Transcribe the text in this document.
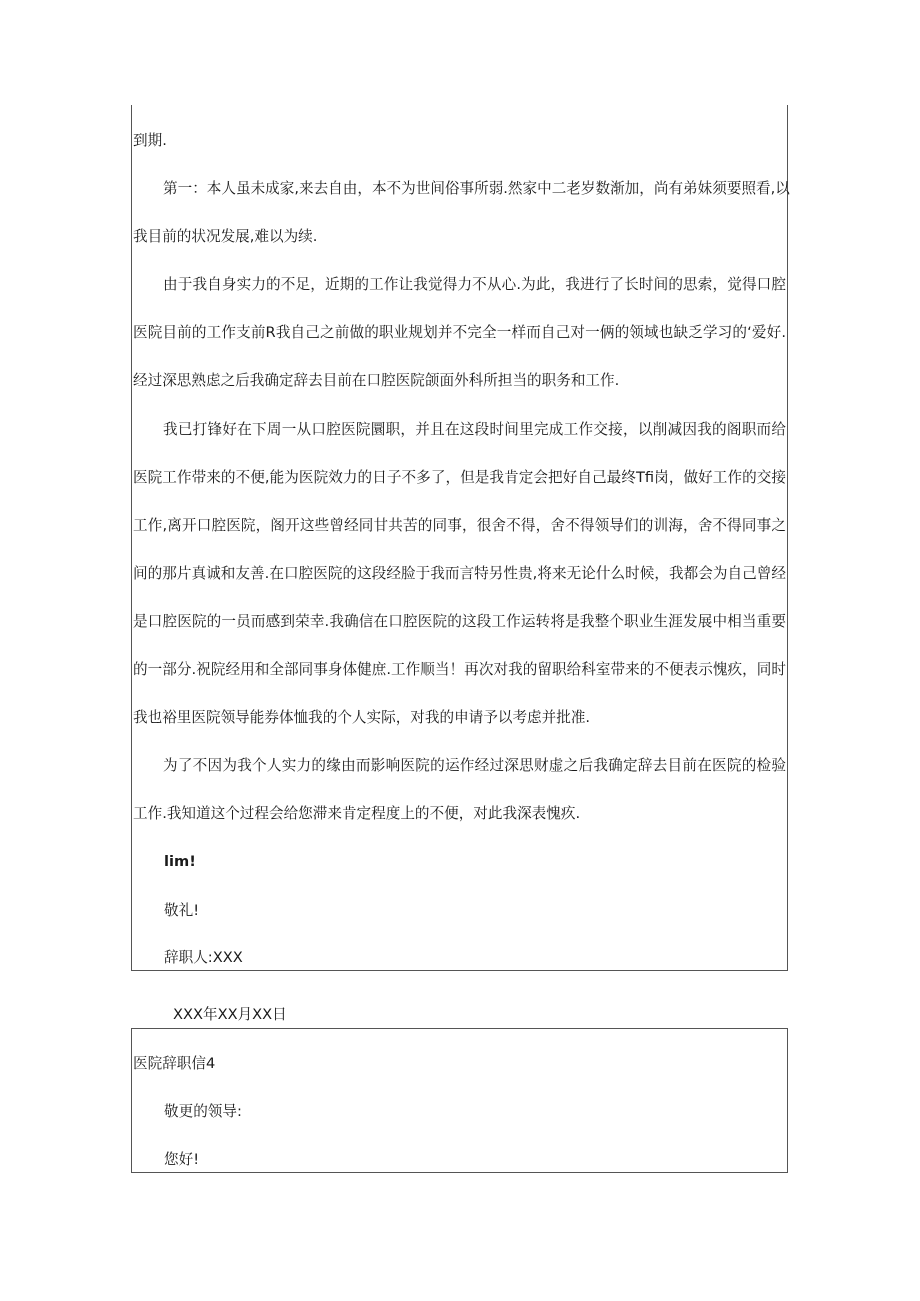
到期.
第一：本人虽未成家,来去自由，本不为世间俗事所弱.然家中二老岁数渐加，尚有弟妹须要照看,以
我目前的状况发展,难以为续.
由于我自身实力的不足，近期的工作让我觉得力不从心.为此，我进行了长时间的思索，觉得口腔
医院目前的工作支前R我自己之前做的职业规划并不完全一样而自己对一俩的领域也缺乏学习的‘爱好.
经过深思熟虑之后我确定辞去目前在口腔医院颌面外科所担当的职务和工作.
我已打锋好在下周一从口腔医院圜职，并且在这段时间里完成工作交接，以削减因我的阁职而给
医院工作带来的不便,能为医院效力的日子不多了，但是我肯定会把好自己最终Tfi岗，做好工作的交接
工作,离开口腔医院，阁开这些曾经同甘共苦的同事，很舍不得，舍不得领导们的训海，舍不得同事之
间的那片真诚和友善.在口腔医院的这段经脸于我而言特另性贵,将来无论什么时候，我都会为自己曾经
是口腔医院的一员而感到荣幸.我确信在口腔医院的这段工作运转将是我整个职业生涯发展中相当重要
的一部分.祝院经用和全部同事身体健庶.工作顺当！再次对我的留职给科室带来的不便表示愧疚，同时
我也裕里医院领导能券体恤我的个人实际，对我的申请予以考虑并批准.
为了不因为我个人实力的缘由而影响医院的运作经过深思财虚之后我确定辞去目前在医院的检验
工作.我知道这个过程会给您滞来肯定程度上的不便，对此我深表愧疚.
lim!
敬礼!
辞职人:XXX
XXX年XX月XX日
医院辞职信4
敬更的领导:
您好!
